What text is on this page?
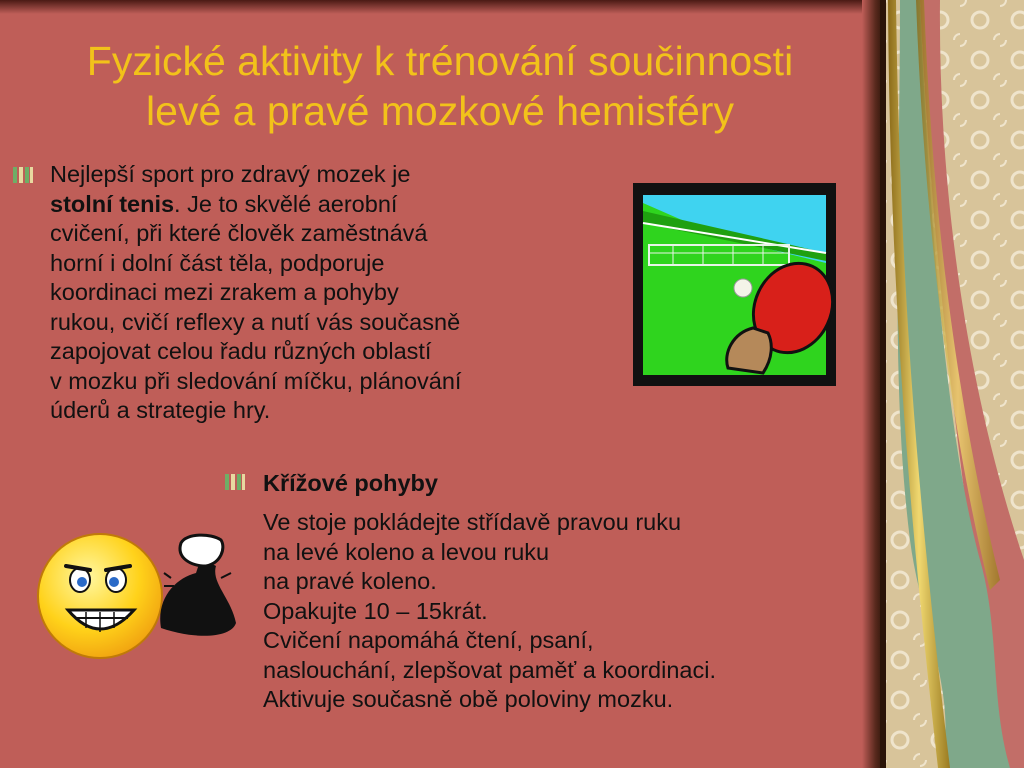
Fyzické aktivity k trénování součinnosti
levé a pravé mozkové hemisféry

Nejlepší sport pro zdravý mozek je

stolní tenis. Je to skvělé aerobní

cvičení, při které člověk zaměstnává

horní i dolní část těla, podporuje

koordinaci mezi zrakem a pohyby

rukou, cvičí reflexy a nutí vás současně

zapojovat celou řadu různých oblastí

v mozku při sledování míčku, plánování

úderů a strategie hry.

Křížové pohyby

Ve stoje pokládejte střídavě pravou ruku

na levé koleno a levou ruku

na pravé koleno.

Opakujte 10 – 15krát.

Cvičení napomáhá čtení, psaní,

naslouchání, zlepšovat paměť a koordinaci.

Aktivuje současně obě poloviny mozku.
